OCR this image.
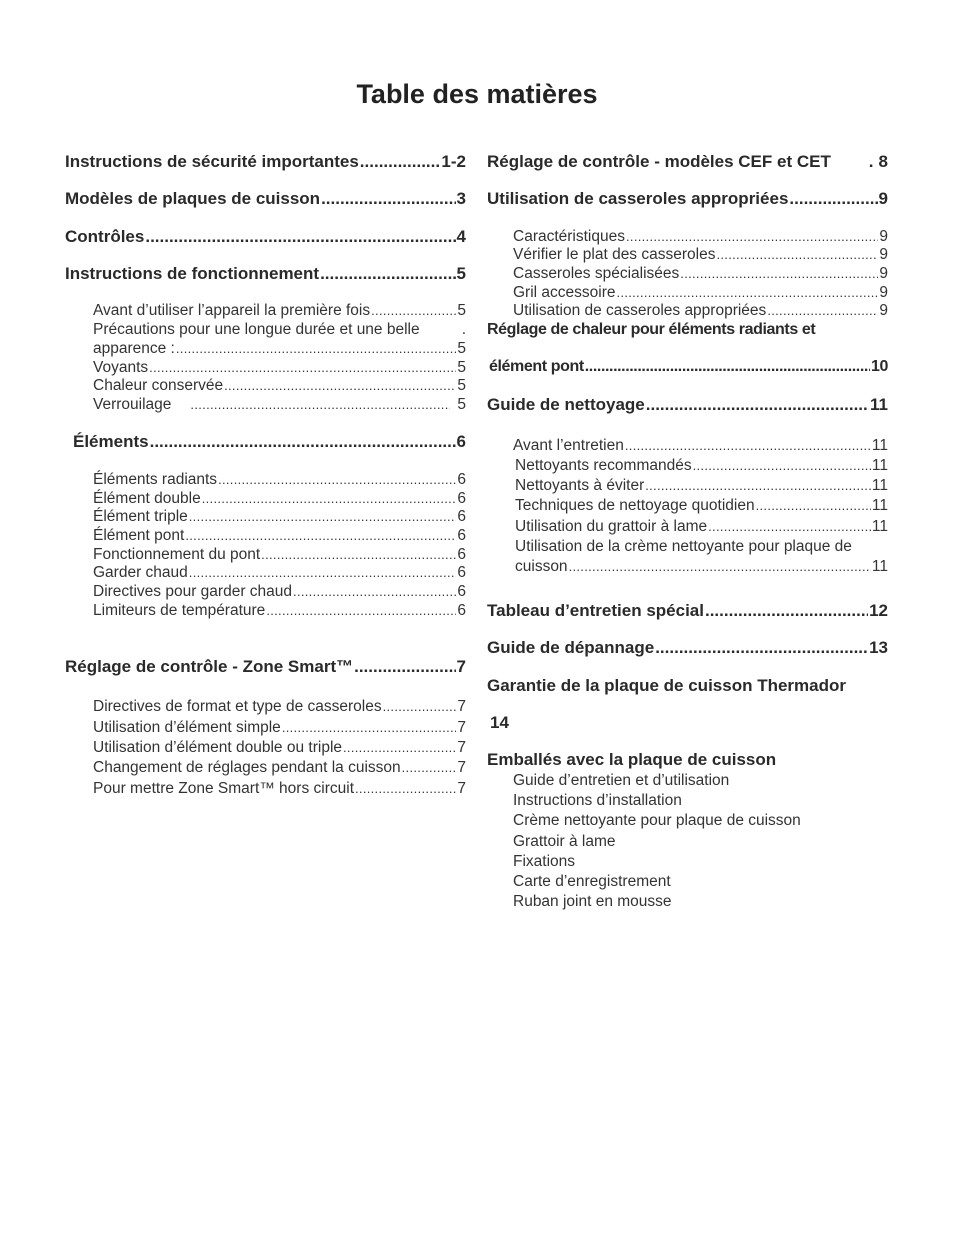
Table des matières
Instructions de sécurité importantes .....	1-2
Modèles de plaques de cuisson .....	3
Contrôles .....	4
Instructions de fonctionnement .....	5
Avant d’utiliser l’appareil la première fois .....	5
Précautions pour une longue durée et une belle	.
apparence : .....	5
Voyants .....	5
Chaleur conservée .....	5
Verrouilage .....	5
Éléments .....	6
Éléments radiants .....	6
Élément double .....	6
Élément triple .....	6
Élément pont .....	6
Fonctionnement du pont .....	6
Garder chaud .....	6
Directives pour garder chaud .....	6
Limiteurs de température .....	6
Réglage de contrôle - Zone Smart™ .....	7
Directives de format et type de casseroles .....	7
Utilisation d’élément simple .....	7
Utilisation d’élément double ou triple .....	7
Changement de réglages pendant la cuisson .....	7
Pour mettre Zone Smart™ hors circuit .....	7
Réglage de contrôle - modèles CEF et CET . 8
Utilisation de casseroles appropriées .....	9
Caractéristiques .....	9
Vérifier le plat des casseroles .....	9
Casseroles spécialisées .....	9
Gril accessoire .....	9
Utilisation de casseroles appropriées .....	9
Réglage de chaleur pour éléments radiants et
élément pont .....	10
Guide de nettoyage .....	11
Avant l’entretien .....	11
Nettoyants recommandés .....	11
Nettoyants à éviter .....	11
Techniques de nettoyage quotidien .....	11
Utilisation du grattoir à lame .....	11
Utilisation de la crème nettoyante pour plaque de
cuisson .....	11
Tableau d’entretien spécial .....	12
Guide de dépannage .....	13
Garantie de la plaque de cuisson Thermador
14
Emballés avec la plaque de cuisson
Guide d’entretien et d’utilisation
Instructions d’installation
Crème nettoyante pour plaque de cuisson
Grattoir à lame
Fixations
Carte d’enregistrement
Ruban joint en mousse
